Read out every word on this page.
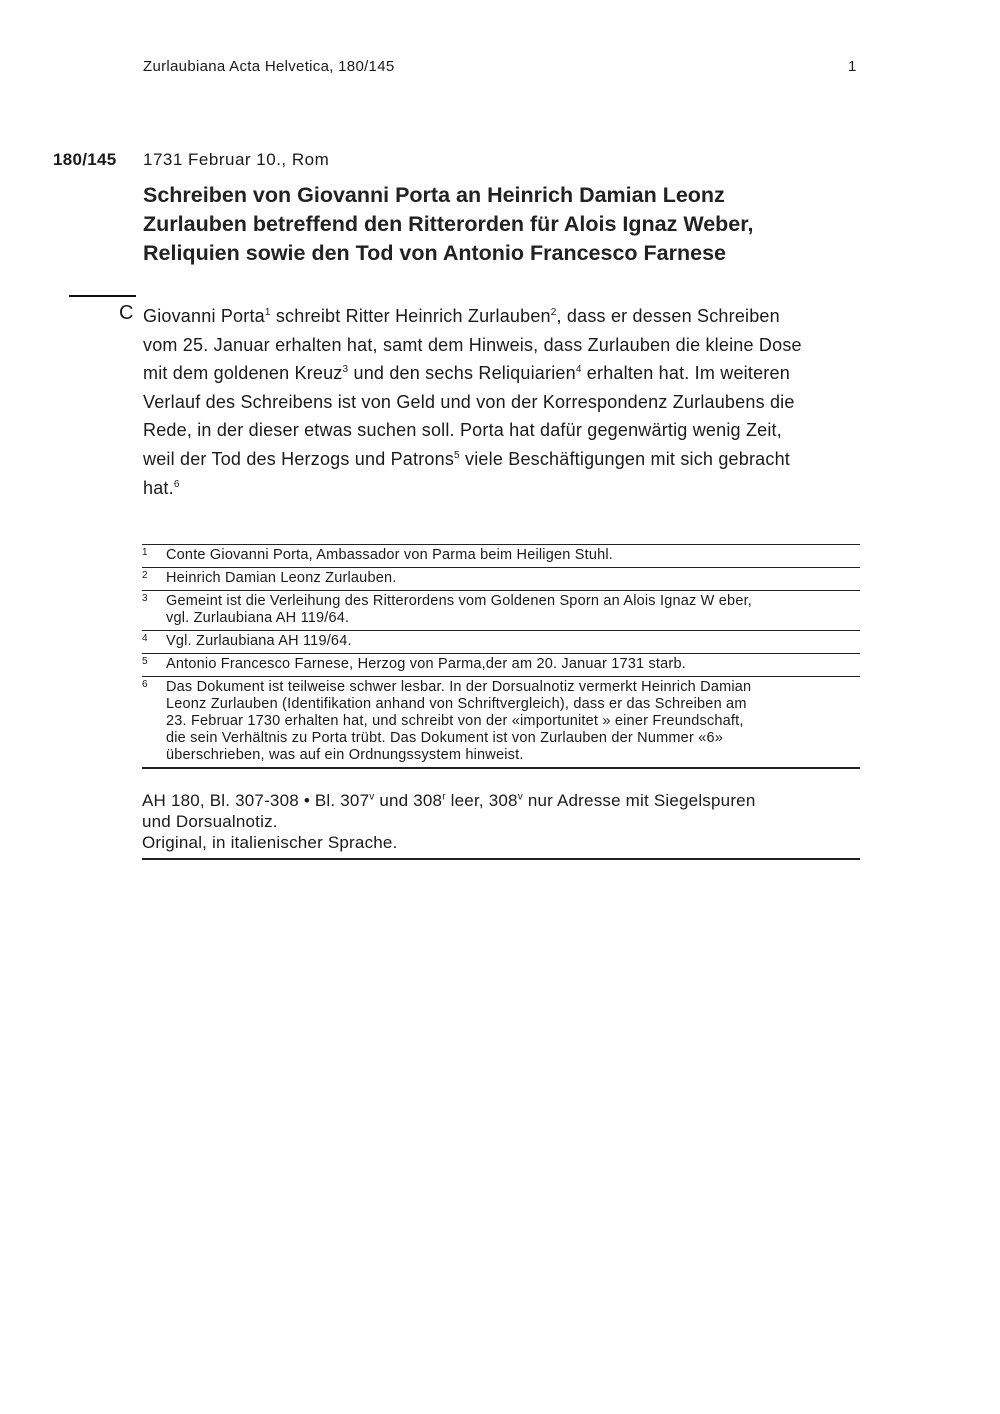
Zurlaubiana Acta Helvetica, 180/145	1
180/145 1731 Februar 10., Rom
Schreiben von Giovanni Porta an Heinrich Damian Leonz
Zurlauben betreffend den Ritterorden für Alois Ignaz Weber,
Reliquien sowie den Tod von Antonio Francesco Farnese
C Giovanni Porta$^1$ schreibt Ritter Heinrich Zurlauben$^2$, dass er dessen Schreiben
vom 25. Januar erhalten hat, samt dem Hinweis, dass Zurlauben die kleine Dose
mit dem goldenen Kreuz$^3$ und den sechs Reliquiarien$^4$ erhalten hat. Im weiteren
Verlauf des Schreibens ist von Geld und von der Korrespondenz Zurlaubens die
Rede, in der dieser etwas suchen soll. Porta hat dafür gegenwärtig wenig Zeit,
weil der Tod des Herzogs und Patrons$^5$ viele Beschäftigungen mit sich gebracht
hat.$^6$
1 Conte Giovanni Porta, Ambassador von Parma beim Heiligen Stuhl.
2 Heinrich Damian Leonz Zurlauben.
3 Gemeint ist die Verleihung des Ritterordens vom Goldenen Sporn an Alois Ignaz W eber,
vgl. Zurlaubiana AH 119/64.
4 Vgl. Zurlaubiana AH 119/64.
5 Antonio Francesco Farnese, Herzog von Parma,der am 20. Januar 1731 starb.
6 Das Dokument ist teilweise schwer lesbar. In der Dorsualnotiz vermerkt Heinrich Damian
Leonz Zurlauben (Identifikation anhand von Schriftvergleich), dass er das Schreiben am
23. Februar 1730 erhalten hat, und schreibt von der «importunitet » einer Freundschaft,
die sein Verhältnis zu Porta trübt. Das Dokument ist von Zurlauben der Nummer «6»
überschrieben, was auf ein Ordnungssystem hinweist.
AH 180, Bl. 307-308 • Bl. 307$^v$ und 308$^r$ leer, 308$^v$ nur Adresse mit Siegelspuren
und Dorsualnotiz.
Original, in italienischer Sprache.
